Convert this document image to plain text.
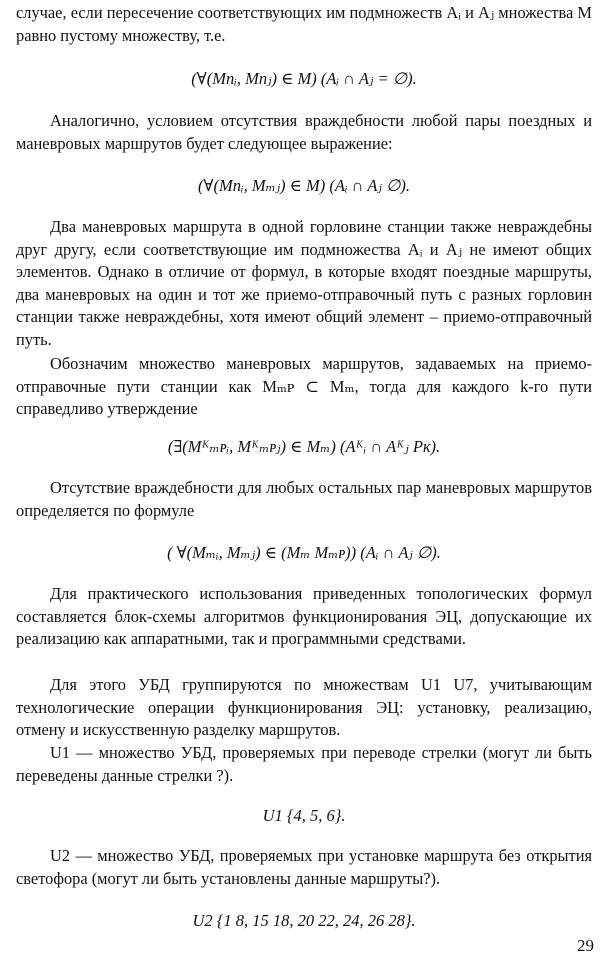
случае, если пересечение соответствующих им подмножеств Aᵢ и Aⱼ множества M равно пустому множеству, т.е.

(∀(Mᴨᵢ, Mᴨⱼ) ∈ M) (Aᵢ ∩ Aⱼ = ∅).

Аналогично, условием отсутствия враждебности любой пары поездных и маневровых маршрутов будет следующее выражение:

(∀(Mᴨᵢ, Mₘⱼ) ∈ M) (Aᵢ ∩ Aⱼ ∅).

Два маневровых маршрута в одной горловине станции также невраждебны друг другу, если соответствующие им подмножества Aᵢ и Aⱼ не имеют общих элементов. Однако в отличие от формул, в которые входят поездные маршруты, два маневровых на один и тот же приемо-отправочный путь с разных горловин станции также невраждебны, хотя имеют общий элемент – приемо-отправочный путь.

Обозначим множество маневровых маршрутов, задаваемых на приемо-отправочные пути станции как Mₘᴘ ⊂ Mₘ, тогда для каждого k-го пути справедливо утверждение

(∃(Mᴷₘᴘᵢ, Mᴷₘᴘⱼ) ∈ Mₘ) (Aᴷᵢ ∩ Aᴷⱼ Pᴋ).

Отсутствие враждебности для любых остальных пар маневровых маршрутов определяется по формуле

( ∀(Mₘᵢ, Mₘⱼ) ∈ (Mₘ Mₘᴘ)) (Aᵢ ∩ Aⱼ ∅).

Для практического использования приведенных топологических формул составляется блок-схемы алгоритмов функционирования ЭЦ, допускающие их реализацию как аппаратными, так и программными средствами.

Для этого УБД группируются по множествам U1 U7, учитывающим технологические операции функционирования ЭЦ: установку, реализацию, отмену и искусственную разделку маршрутов.

U1 — множество УБД, проверяемых при переводе стрелки (могут ли быть переведены данные стрелки ?).

U1 {4, 5, 6}.

U2 — множество УБД, проверяемых при установке маршрута без открытия светофора (могут ли быть установлены данные маршруты?).

U2 {1 8, 15 18, 20 22, 24, 26 28}.

29
